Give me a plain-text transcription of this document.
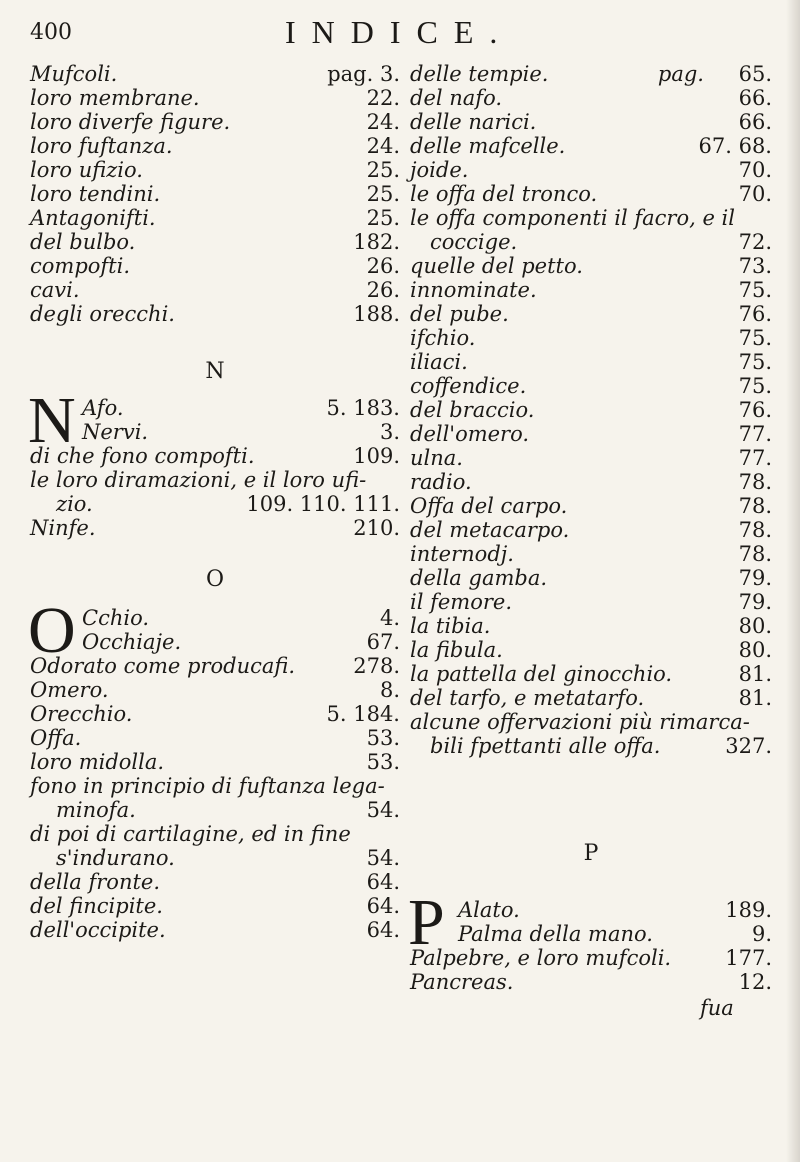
400	INDICE.
Mufcoli.	pag. 3.
loro membrane.	22.
loro diverfe figure.	24.
loro fuftanza.	24.
loro ufizio.	25.
loro tendini.	25.
Antagonifti.	25.
del bulbo.	182.
compofti.	26.
cavi.	26.
degli orecchi.	188.
N
N Afo.	5. 183.
Nervi.	3.
di che fono compofti.	109.
le loro diramazioni, e il loro ufi-
zio.	109. 110. 111.
Ninfe.	210.
O
O Cchio.	4.
Occhiaje.	67.
Odorato come producafi.	278.
Omero.	8.
Orecchio.	5. 184.
Offa.	53.
loro midolla.	53.
fono in principio di fuftanza lega-
minofa.	54.
di poi di cartilagine, ed in fine
s'indurano.	54.
della fronte.	64.
del fincipite.	64.
dell'occipite.	64.
delle tempie.	pag. 65.
del nafo.	66.
delle narici.	66.
delle mafcelle.	67. 68.
joide.	70.
le offa del tronco.	70.
le offa componenti il facro, e il
coccige.	72.
quelle del petto.	73.
innominate.	75.
del pube.	76.
ifchio.	75.
iliaci.	75.
coffendice.	75.
del braccio.	76.
dell'omero.	77.
ulna.	77.
radio.	78.
Offa del carpo.	78.
del metacarpo.	78.
internodj.	78.
della gamba.	79.
il femore.	79.
la tibia.	80.
la fibula.	80.
la pattella del ginocchio.	81.
del tarfo, e metatarfo.	81.
alcune offervazioni più rimarca-
bili fpettanti alle offa.	327.
P
P Alato.	189.
Palma della mano.	9.
Palpebre, e loro mufcoli.	177.
Pancreas.	12.
fua
